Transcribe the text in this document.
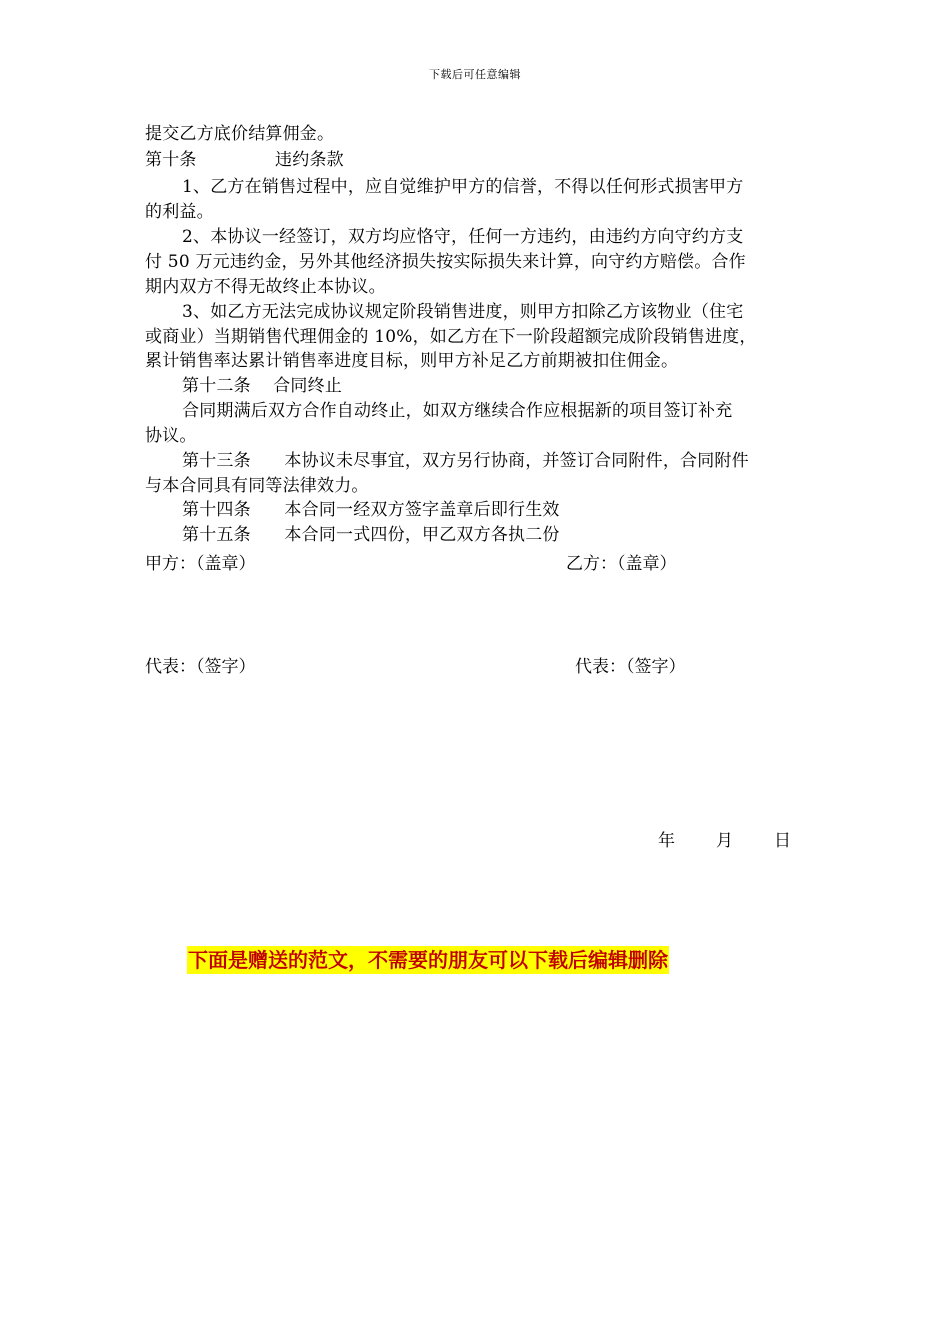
下载后可任意编辑
提交乙方底价结算佣金。
第十条              违约条款
1、乙方在销售过程中，应自觉维护甲方的信誉，不得以任何形式损害甲方
的利益。
2、本协议一经签订，双方均应恪守，任何一方违约，由违约方向守约方支
付 50 万元违约金，另外其他经济损失按实际损失来计算，向守约方赔偿。合作
期内双方不得无故终止本协议。
3、如乙方无法完成协议规定阶段销售进度，则甲方扣除乙方该物业（住宅
或商业）当期销售代理佣金的 10%，如乙方在下一阶段超额完成阶段销售进度，
累计销售率达累计销售率进度目标，则甲方补足乙方前期被扣住佣金。
第十二条    合同终止
合同期满后双方合作自动终止，如双方继续合作应根据新的项目签订补充
协议。
第十三条      本协议未尽事宜，双方另行协商，并签订合同附件，合同附件
与本合同具有同等法律效力。
第十四条      本合同一经双方签字盖章后即行生效
第十五条      本合同一式四份，甲乙双方各执二份
甲方：（盖章）	乙方：（盖章）
代表：（签字）	代表：（签字）
年 月 日
下面是赠送的范文，不需要的朋友可以下载后编辑删除
